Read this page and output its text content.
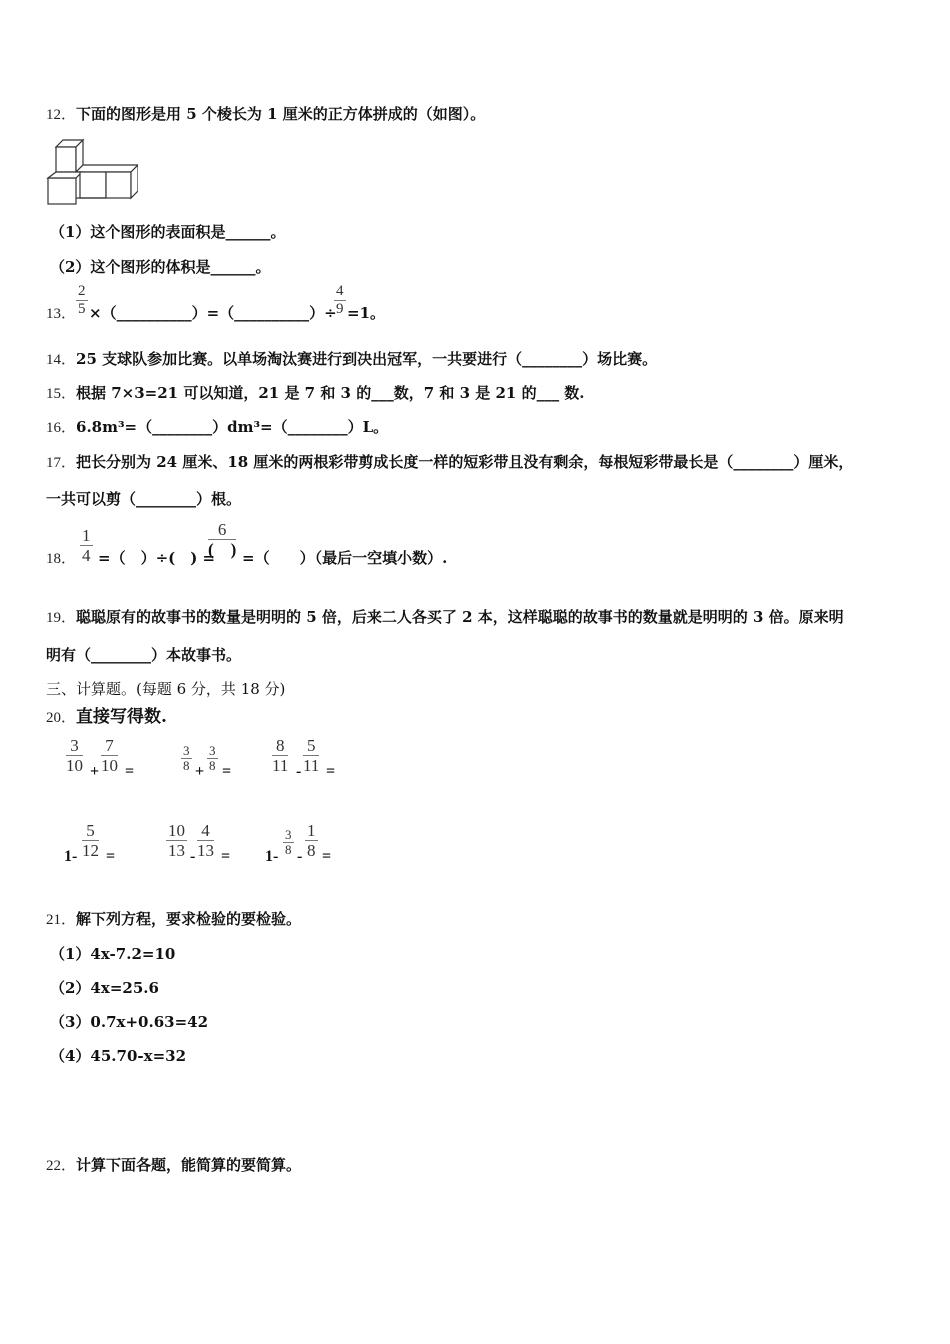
12．下面的图形是用 5 个棱长为 1 厘米的正方体拼成的（如图）。
（1）这个图形的表面积是______。
（2）这个图形的体积是______。
13． $\frac{2}{5}$ ×（__________）=（__________）÷
$\frac{4}{9} =1$。
14．25 支球队参加比赛。以单场淘汰赛进行到决出冠军，一共要进行（________）场比赛。
15．根据 7×3=21 可以知道，21 是 7 和 3 的___数，7 和 3 是 21 的___ 数.
16．6.8m³=（________）dm³=（________）L。
17．把长分别为 24 厘米、18 厘米的两根彩带剪成长度一样的短彩带且没有剩余，每根短彩带最长是（________）厘米，
一共可以剪（________）根。
18． $\frac{1}{4}$ =（　）÷(　) =
6
(　) =（　　）（最后一空填小数）.
19．聪聪原有的故事书的数量是明明的 5 倍，后来二人各买了 2 本，这样聪聪的故事书的数量就是明明的 3 倍。原来明
明有（________）本故事书。
三、计算题。(每题 6 分，共 18 分)
20．直接写得数.
$\frac{3}{10} + \frac{7}{10}$ =	$\frac{3}{8} + \frac{3}{8} = \frac{8}{11} - \frac{5}{11}$ =
$1- \frac{5}{12}$ =	$\frac{10}{13} - \frac{4}{13} = 1- \frac{3}{8} - \frac{1}{8}$ =
21．解下列方程，要求检验的要检验。
（1）4x-7.2=10
（2）4x=25.6
（3）0.7x+0.63=42
（4）45.70-x=32
22．计算下面各题，能简算的要简算。
